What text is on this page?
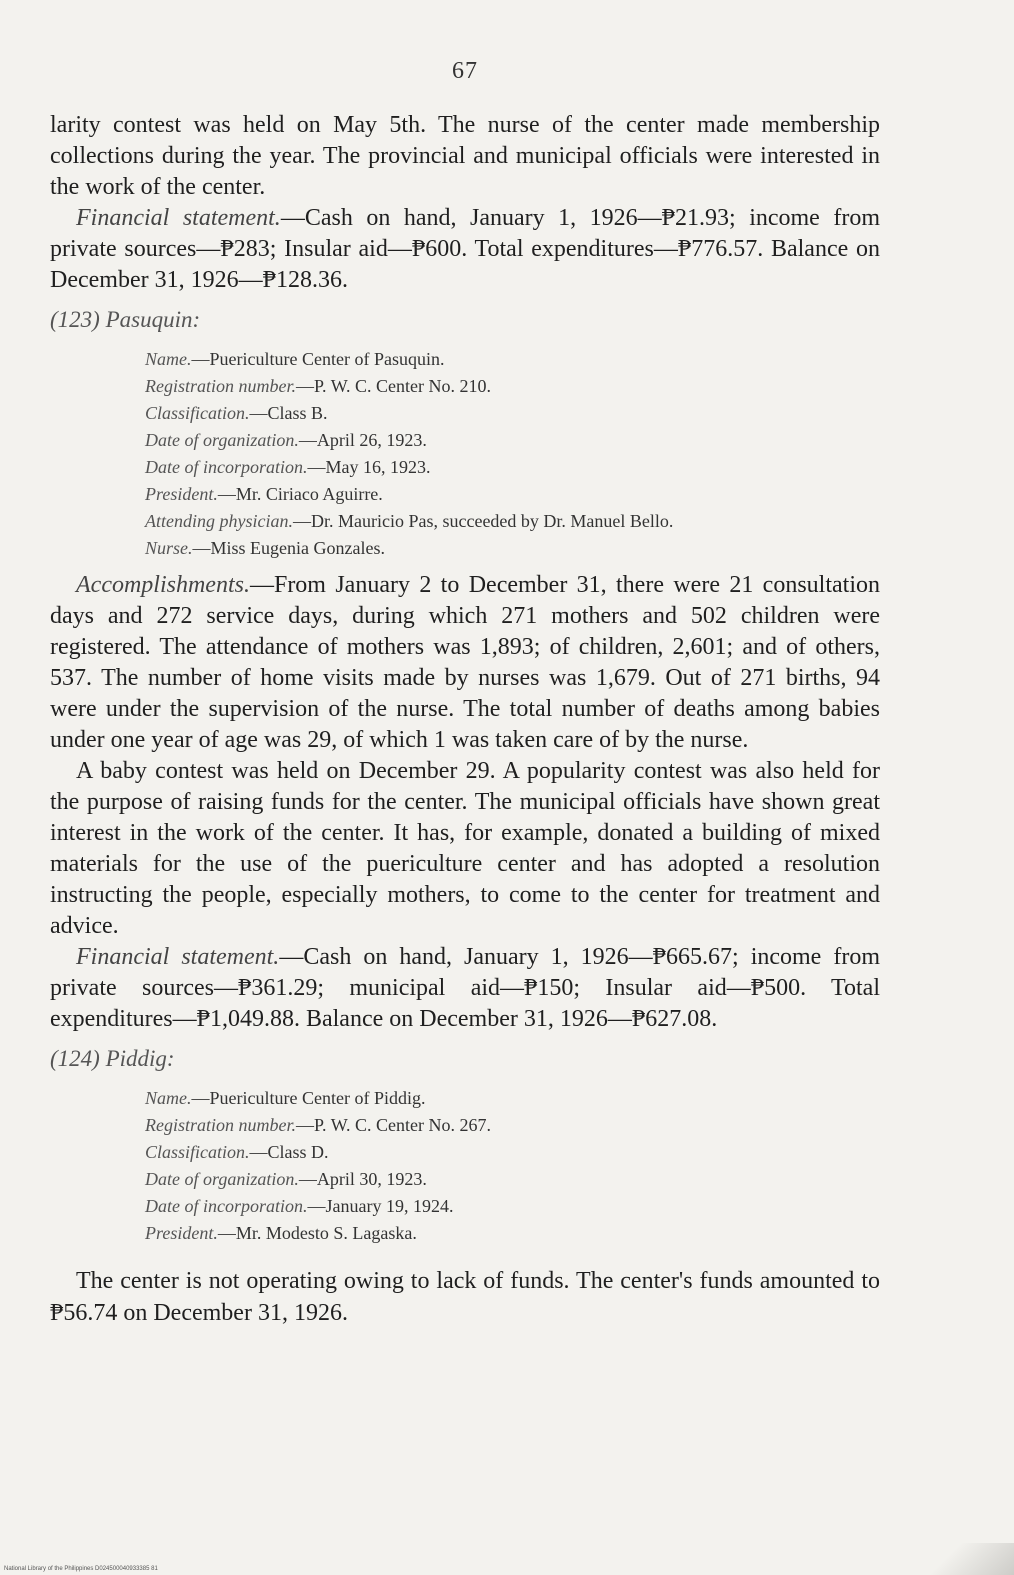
67

larity contest was held on May 5th. The nurse of the center made membership collections during the year. The provincial and municipal officials were interested in the work of the center.

Financial statement.—Cash on hand, January 1, 1926—₱21.93; income from private sources—₱283; Insular aid—₱600. Total expenditures—₱776.57. Balance on December 31, 1926—₱128.36.

(123) Pasuquin:
Name.—Puericulture Center of Pasuquin.
Registration number.—P. W. C. Center No. 210.
Classification.—Class B.
Date of organization.—April 26, 1923.
Date of incorporation.—May 16, 1923.
President.—Mr. Ciriaco Aguirre.
Attending physician.—Dr. Mauricio Pas, succeeded by Dr. Manuel Bello.
Nurse.—Miss Eugenia Gonzales.

Accomplishments.—From January 2 to December 31, there were 21 consultation days and 272 service days, during which 271 mothers and 502 children were registered. The attendance of mothers was 1,893; of children, 2,601; and of others, 537. The number of home visits made by nurses was 1,679. Out of 271 births, 94 were under the supervision of the nurse. The total number of deaths among babies under one year of age was 29, of which 1 was taken care of by the nurse.

A baby contest was held on December 29. A popularity contest was also held for the purpose of raising funds for the center. The municipal officials have shown great interest in the work of the center. It has, for example, donated a building of mixed materials for the use of the puericulture center and has adopted a resolution instructing the people, especially mothers, to come to the center for treatment and advice.

Financial statement.—Cash on hand, January 1, 1926—₱665.67; income from private sources—₱361.29; municipal aid—₱150; Insular aid—₱500. Total expenditures—₱1,049.88. Balance on December 31, 1926—₱627.08.

(124) Piddig:
Name.—Puericulture Center of Piddig.
Registration number.—P. W. C. Center No. 267.
Classification.—Class D.
Date of organization.—April 30, 1923.
Date of incorporation.—January 19, 1924.
President.—Mr. Modesto S. Lagaska.

The center is not operating owing to lack of funds. The center's funds amounted to ₱56.74 on December 31, 1926.

National Library of the Philippines D024500040933385 81
